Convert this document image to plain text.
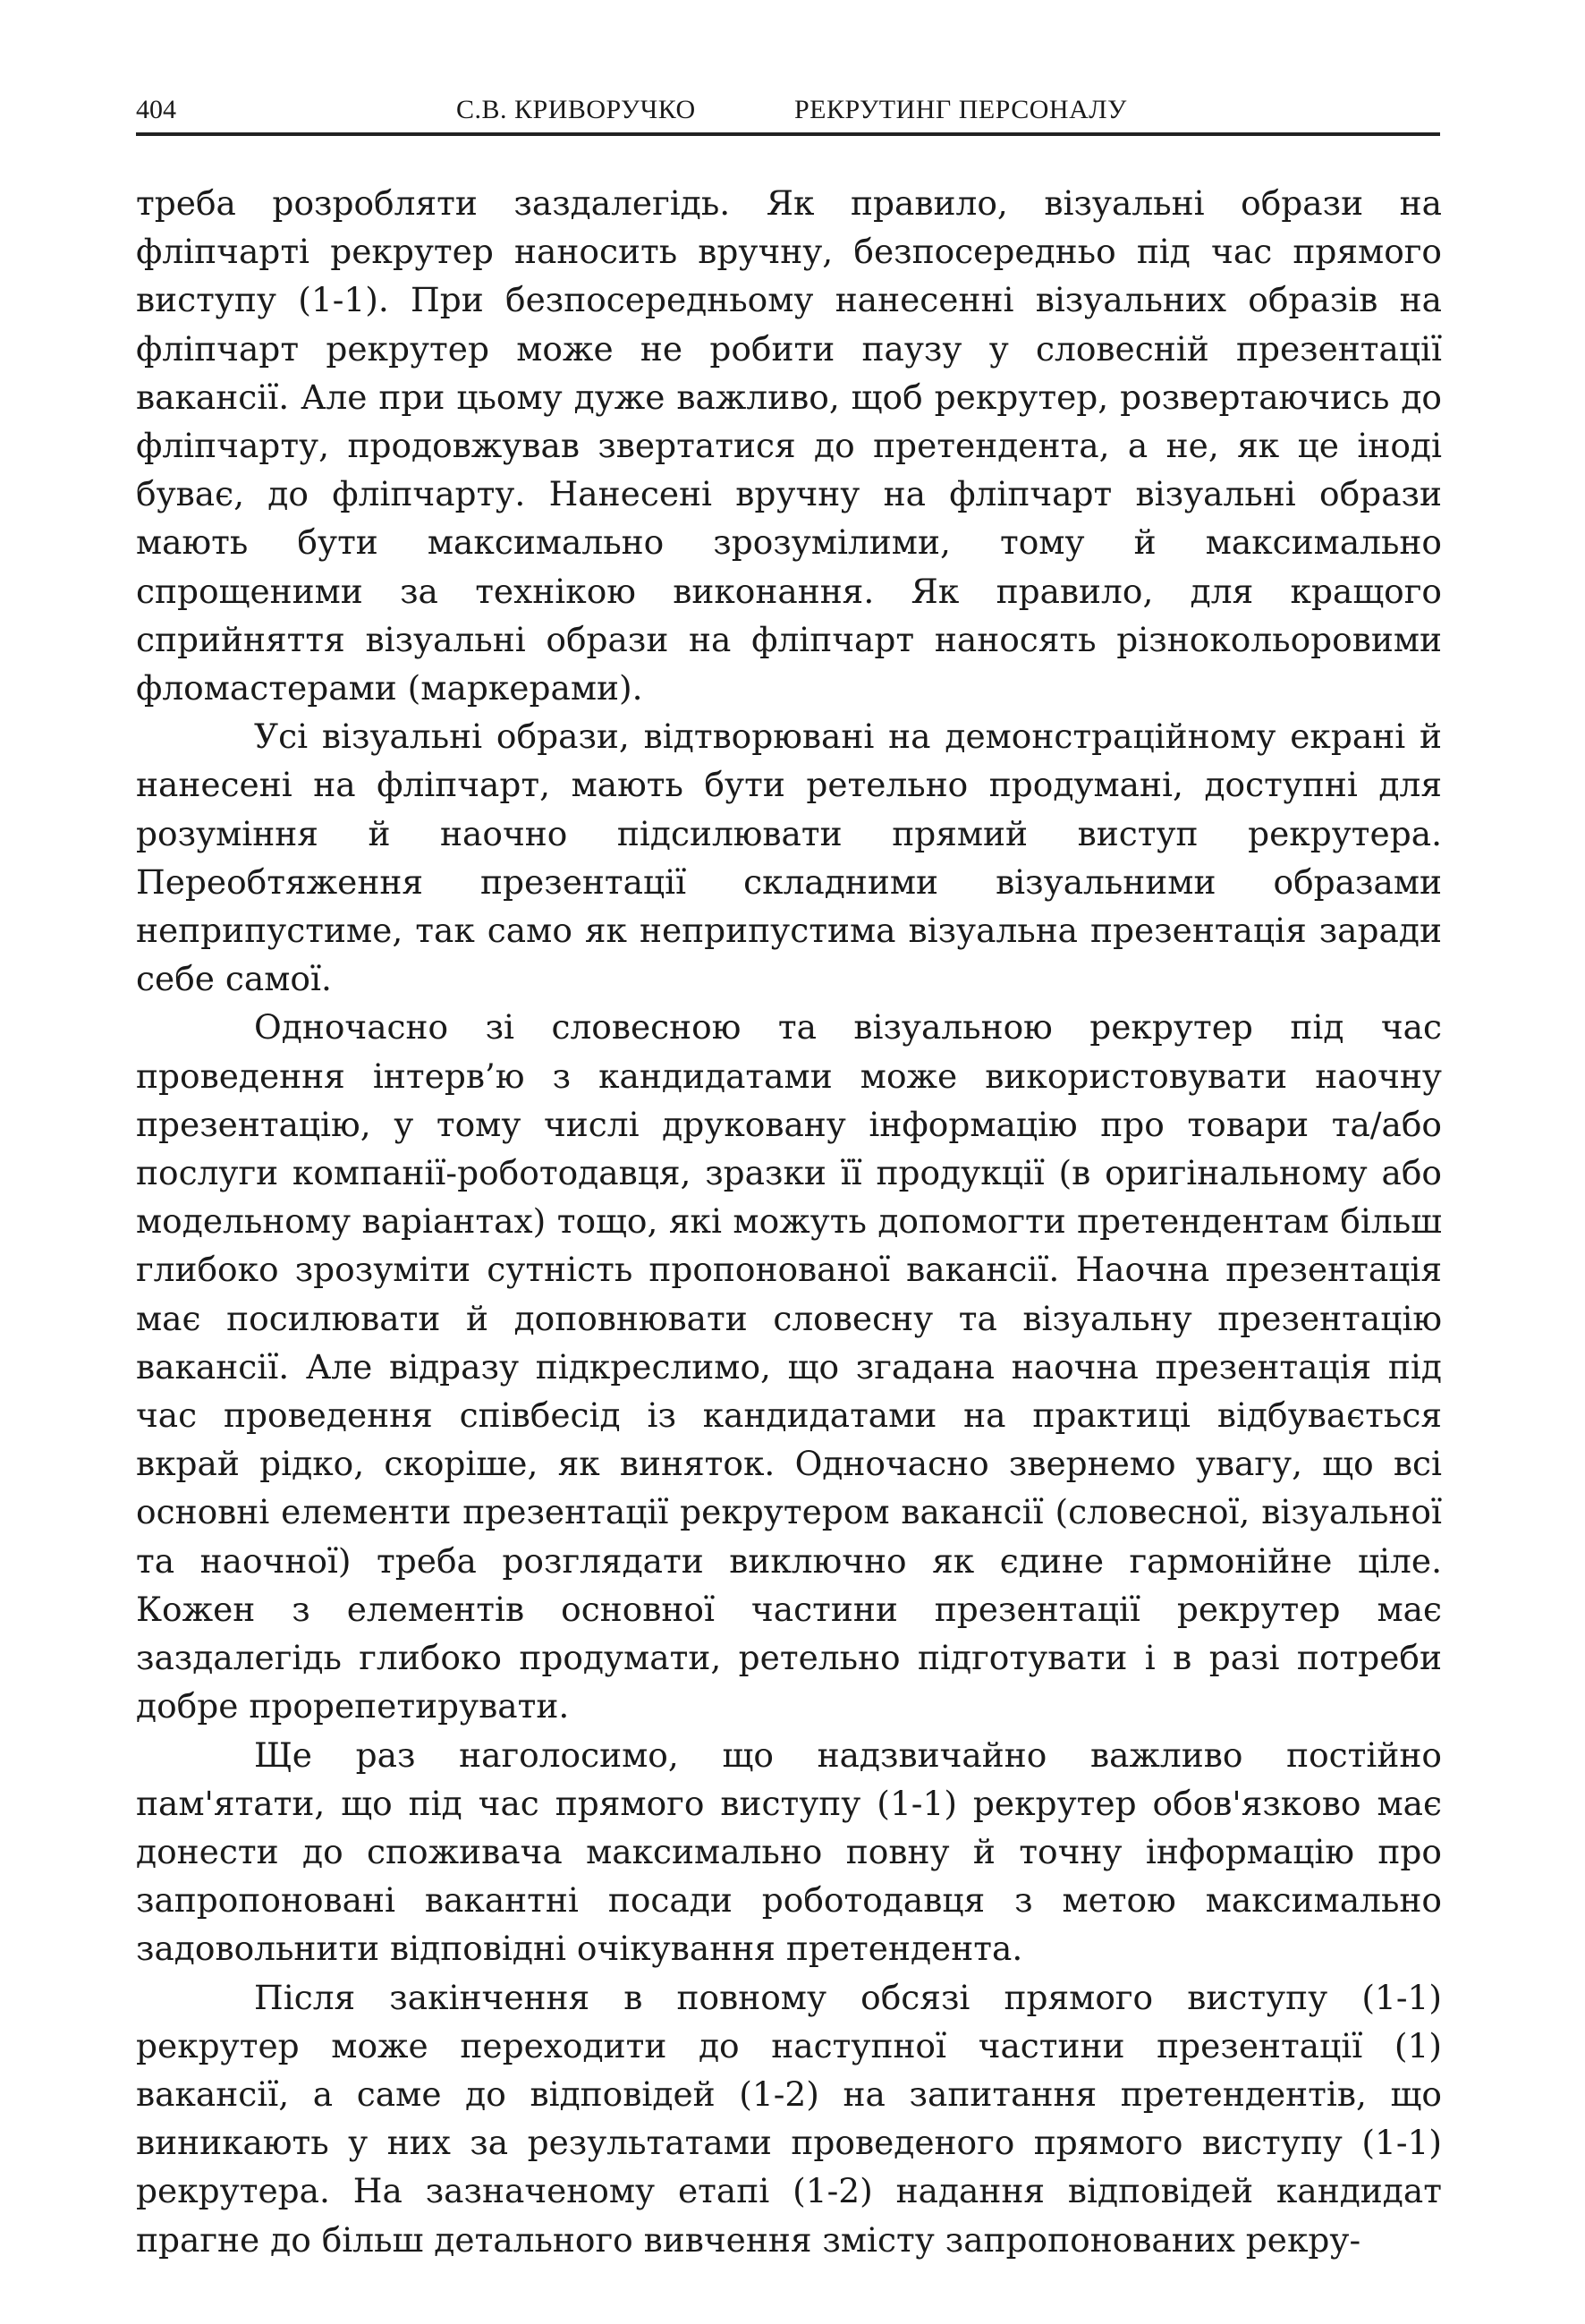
404	С.В. КРИВОРУЧКО	РЕКРУТИНГ ПЕРСОНАЛУ

треба розробляти заздалегідь. Як правило, візуальні образи на фліпчарті рекрутер наносить вручну, безпосередньо під час прямого виступу (1-1). При безпосередньому нанесенні візуальних образів на фліпчарт рекрутер може не робити паузу у словесній презентації вакансії. Але при цьому дуже важливо, щоб рекрутер, розвертаючись до фліпчарту, продовжував звертатися до претендента, а не, як це іноді буває, до фліпчарту. Нанесені вручну на фліпчарт візуальні образи мають бути максимально зрозумілими, тому й максимально спрощеними за технікою виконання. Як правило, для кращого сприйняття візуальні образи на фліпчарт наносять різнокольоровими фломастерами (маркерами).

Усі візуальні образи, відтворювані на демонстраційному екрані й нанесені на фліпчарт, мають бути ретельно продумані, доступні для розуміння й наочно підсилювати прямий виступ рекрутера. Переобтяження презентації складними візуальними образами неприпустиме, так само як неприпустима візуальна презентація заради себе самої.

Одночасно зі словесною та візуальною рекрутер під час проведення інтерв’ю з кандидатами може використовувати наочну презентацію, у тому числі друковану інформацію про товари та/або послуги компанії-роботодавця, зразки її продукції (в оригінальному або модельному варіантах) тощо, які можуть допомогти претендентам більш глибоко зрозуміти сутність пропонованої вакансії. Наочна презентація має посилювати й доповнювати словесну та візуальну презентацію вакансії. Але відразу підкреслимо, що згадана наочна презентація під час проведення співбесід із кандидатами на практиці відбувається вкрай рідко, скоріше, як виняток. Одночасно звернемо увагу, що всі основні елементи презентації рекрутером вакансії (словесної, візуальної та наочної) треба розглядати виключно як єдине гармонійне ціле. Кожен з елементів основної частини презентації рекрутер має заздалегідь глибоко продумати, ретельно підготувати і в разі потреби добре прорепетирувати.

Ще раз наголосимо, що надзвичайно важливо постійно пам'ятати, що під час прямого виступу (1-1) рекрутер обов'язково має донести до споживача максимально повну й точну інформацію про запропоновані вакантні посади роботодавця з метою максимально задовольнити відповідні очікування претендента.

Після закінчення в повному обсязі прямого виступу (1-1) рекрутер може переходити до наступної частини презентації (1) вакансії, а саме до відповідей (1-2) на запитання претендентів, що виникають у них за результатами проведеного прямого виступу (1-1) рекрутера. На зазначеному етапі (1-2) надання відповідей кандидат прагне до більш детального вивчення змісту запропонованих рекру-
